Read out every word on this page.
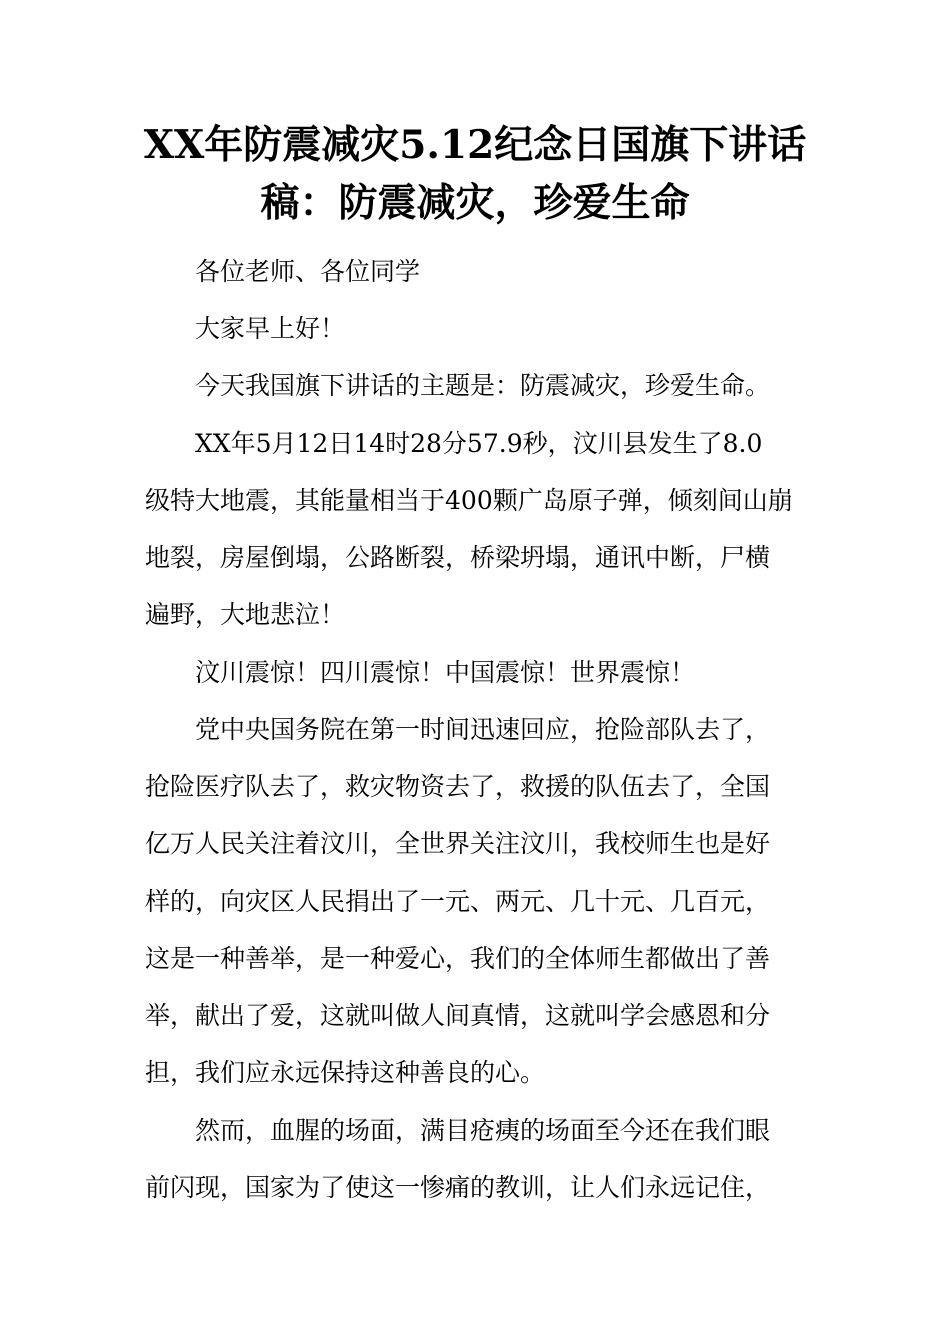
XX年防震减灾5.12纪念日国旗下讲话
稿：防震减灾，珍爱生命
各位老师、各位同学
大家早上好！
今天我国旗下讲话的主题是：防震减灾，珍爱生命。
XX年5月12日14时28分57.9秒，汶川县发生了8.0
级特大地震，其能量相当于400颗广岛原子弹，倾刻间山崩
地裂，房屋倒塌，公路断裂，桥梁坍塌，通讯中断，尸横
遍野，大地悲泣！
汶川震惊！四川震惊！中国震惊！世界震惊！
党中央国务院在第一时间迅速回应，抢险部队去了，
抢险医疗队去了，救灾物资去了，救援的队伍去了，全国
亿万人民关注着汶川，全世界关注汶川，我校师生也是好
样的，向灾区人民捐出了一元、两元、几十元、几百元，
这是一种善举，是一种爱心，我们的全体师生都做出了善
举，献出了爱，这就叫做人间真情，这就叫学会感恩和分
担，我们应永远保持这种善良的心。
然而，血腥的场面，满目疮痍的场面至今还在我们眼
前闪现，国家为了使这一惨痛的教训，让人们永远记住，
